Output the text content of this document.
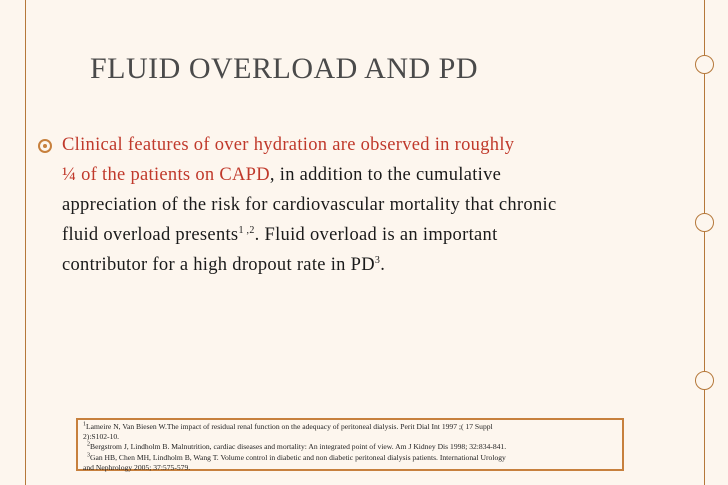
FLUID OVERLOAD AND PD
Clinical features of over hydration are observed in roughly
¼ of the patients on CAPD, in addition to the cumulative
appreciation of the risk for cardiovascular mortality that chronic
fluid overload presents$^{1 ,2}$. Fluid overload is an important
contributor for a high dropout rate in $PD^3$.
$^1$Lameire N, Van Biesen W.The impact of residual renal function on the adequacy of peritoneal dialysis. Perit Dial Int 1997 ;( 17 Suppl
2):S102-10.
$^2$Bergstrom J, Lindholm B. Malnutrition, cardiac diseases and mortality: An integrated point of view. Am J Kidney Dis 1998; 32:834-841.
$^3$Gan HB, Chen MH, Lindholm B, Wang T. Volume control in diabetic and non diabetic peritoneal dialysis patients. International Urology
and Nephrology 2005; 37:575-579.
